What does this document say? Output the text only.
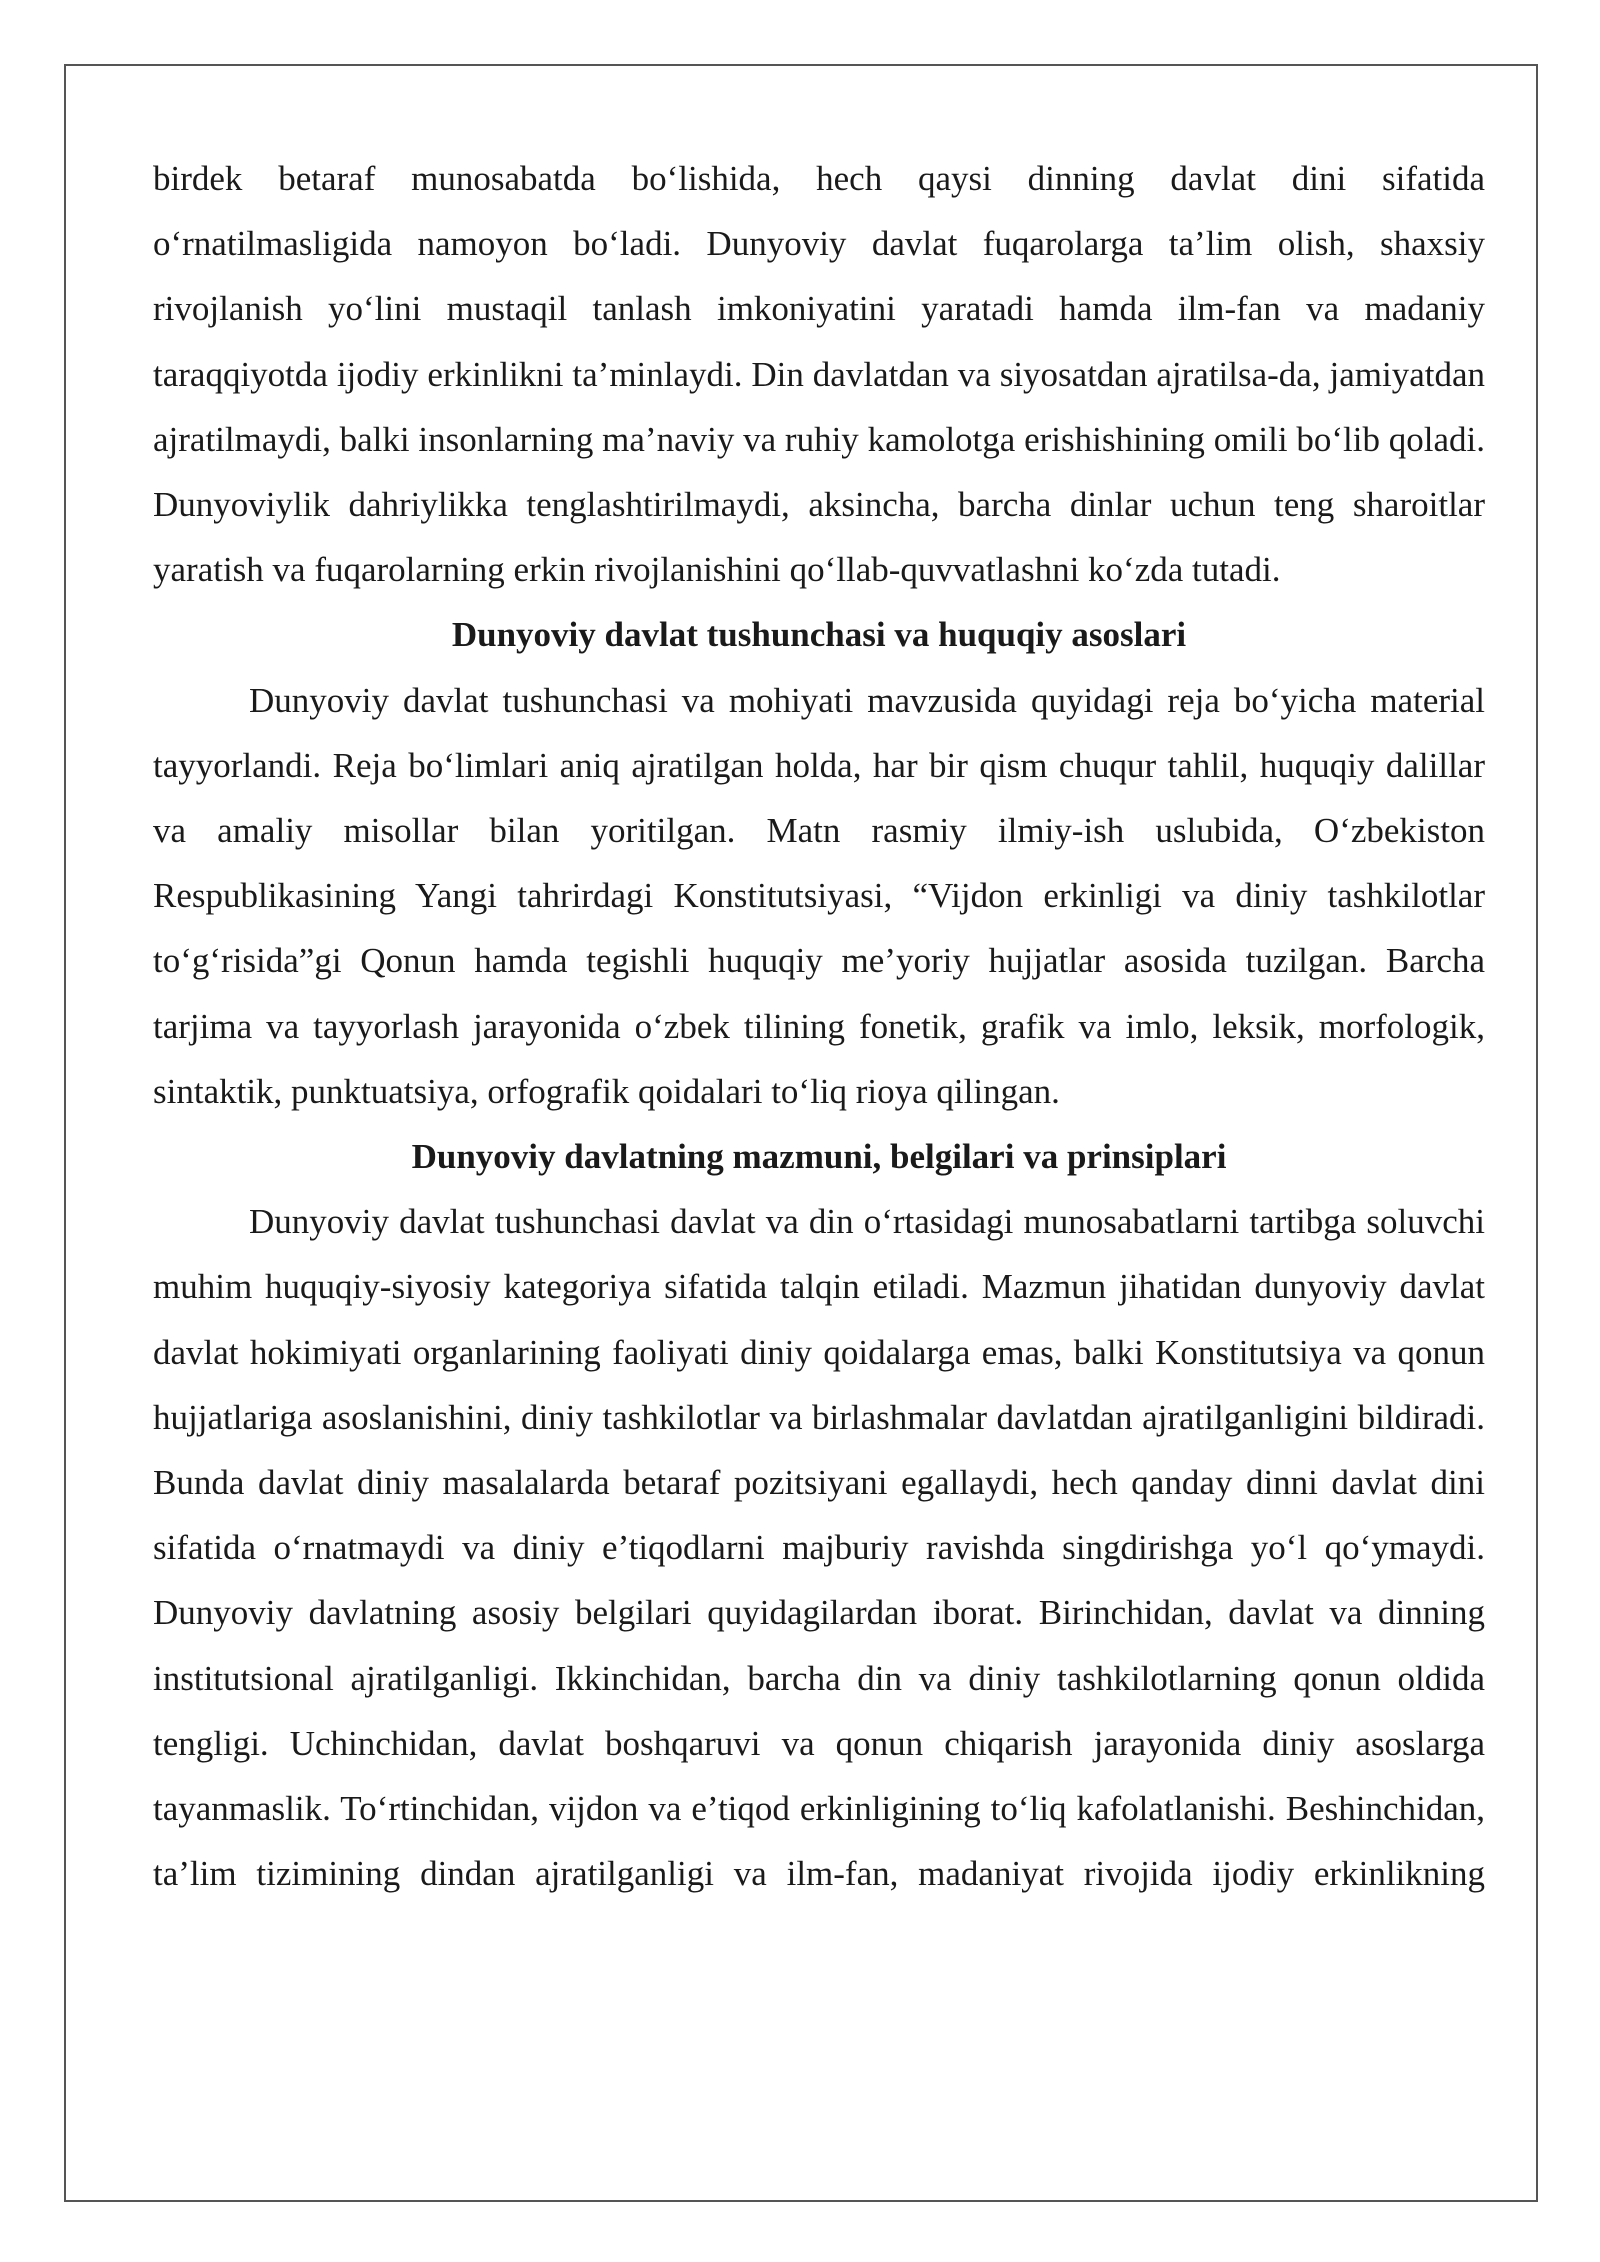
birdek betaraf munosabatda bo‘lishida, hech qaysi dinning davlat dini sifatida o‘rnatilmasligida namoyon bo‘ladi. Dunyoviy davlat fuqarolarga ta’lim olish, shaxsiy rivojlanish yo‘lini mustaqil tanlash imkoniyatini yaratadi hamda ilm-fan va madaniy taraqqiyotda ijodiy erkinlikni ta’minlaydi. Din davlatdan va siyosatdan ajratilsa-da, jamiyatdan ajratilmaydi, balki insonlarning ma’naviy va ruhiy kamolotga erishishining omili bo‘lib qoladi. Dunyoviylik dahriylikka tenglashtirilmaydi, aksincha, barcha dinlar uchun teng sharoitlar yaratish va fuqarolarning erkin rivojlanishini qo‘llab-quvvatlashni ko‘zda tutadi.

Dunyoviy davlat tushunchasi va huquqiy asoslari

Dunyoviy davlat tushunchasi va mohiyati mavzusida quyidagi reja bo‘yicha material tayyorlandi. Reja bo‘limlari aniq ajratilgan holda, har bir qism chuqur tahlil, huquqiy dalillar va amaliy misollar bilan yoritilgan. Matn rasmiy ilmiy-ish uslubida, O‘zbekiston Respublikasining Yangi tahrirdagi Konstitutsiyasi, “Vijdon erkinligi va diniy tashkilotlar to‘g‘risida”gi Qonun hamda tegishli huquqiy me’yoriy hujjatlar asosida tuzilgan. Barcha tarjima va tayyorlash jarayonida o‘zbek tilining fonetik, grafik va imlo, leksik, morfologik, sintaktik, punktuatsiya, orfografik qoidalari to‘liq rioya qilingan.

Dunyoviy davlatning mazmuni, belgilari va prinsiplari

Dunyoviy davlat tushunchasi davlat va din o‘rtasidagi munosabatlarni tartibga soluvchi muhim huquqiy-siyosiy kategoriya sifatida talqin etiladi. Mazmun jihatidan dunyoviy davlat davlat hokimiyati organlarining faoliyati diniy qoidalarga emas, balki Konstitutsiya va qonun hujjatlariga asoslanishini, diniy tashkilotlar va birlashmalar davlatdan ajratilganligini bildiradi. Bunda davlat diniy masalalarda betaraf pozitsiyani egallaydi, hech qanday dinni davlat dini sifatida o‘rnatmaydi va diniy e’tiqodlarni majburiy ravishda singdirishga yo‘l qo‘ymaydi. Dunyoviy davlatning asosiy belgilari quyidagilardan iborat. Birinchidan, davlat va dinning institutsional ajratilganligi. Ikkinchidan, barcha din va diniy tashkilotlarning qonun oldida tengligi. Uchinchidan, davlat boshqaruvi va qonun chiqarish jarayonida diniy asoslarga tayanmaslik. To‘rtinchidan, vijdon va e’tiqod erkinligining to‘liq kafolatlanishi. Beshinchidan, ta’lim tizimining dindan ajratilganligi va ilm-fan, madaniyat rivojida ijodiy erkinlikning
